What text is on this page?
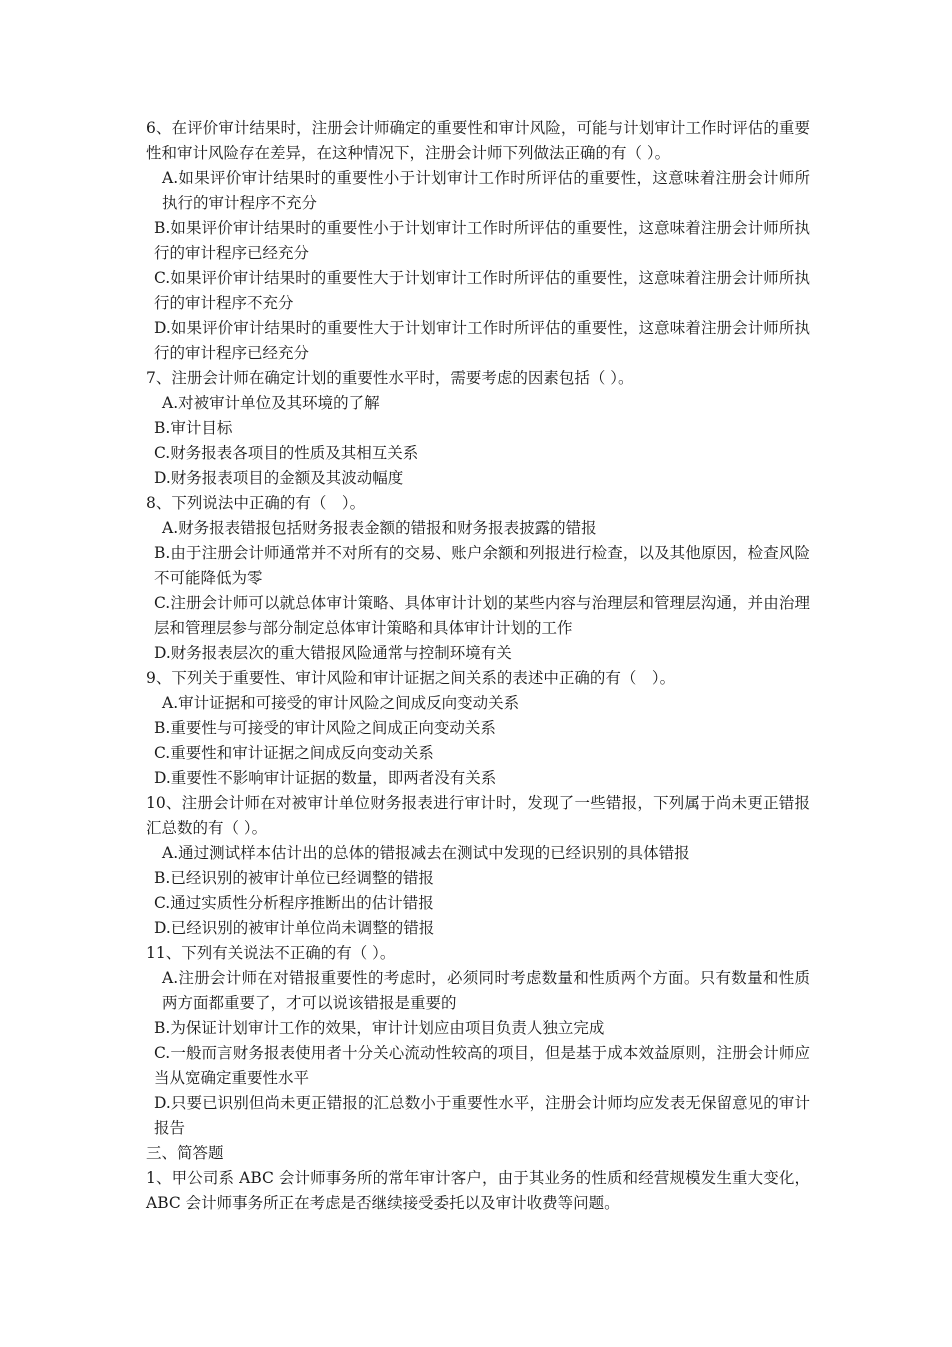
6、在评价审计结果时，注册会计师确定的重要性和审计风险，可能与计划审计工作时评估的重要性和审计风险存在差异，在这种情况下，注册会计师下列做法正确的有（ ）。

A.如果评价审计结果时的重要性小于计划审计工作时所评估的重要性，这意味着注册会计师所执行的审计程序不充分

B.如果评价审计结果时的重要性小于计划审计工作时所评估的重要性，这意味着注册会计师所执行的审计程序已经充分

C.如果评价审计结果时的重要性大于计划审计工作时所评估的重要性，这意味着注册会计师所执行的审计程序不充分

D.如果评价审计结果时的重要性大于计划审计工作时所评估的重要性，这意味着注册会计师所执行的审计程序已经充分

7、注册会计师在确定计划的重要性水平时，需要考虑的因素包括（ ）。

A.对被审计单位及其环境的了解

B.审计目标

C.财务报表各项目的性质及其相互关系

D.财务报表项目的金额及其波动幅度

8、下列说法中正确的有（　）。

A.财务报表错报包括财务报表金额的错报和财务报表披露的错报

B.由于注册会计师通常并不对所有的交易、账户余额和列报进行检查，以及其他原因，检查风险不可能降低为零

C.注册会计师可以就总体审计策略、具体审计计划的某些内容与治理层和管理层沟通，并由治理层和管理层参与部分制定总体审计策略和具体审计计划的工作

D.财务报表层次的重大错报风险通常与控制环境有关

9、下列关于重要性、审计风险和审计证据之间关系的表述中正确的有（　）。

A.审计证据和可接受的审计风险之间成反向变动关系

B.重要性与可接受的审计风险之间成正向变动关系

C.重要性和审计证据之间成反向变动关系

D.重要性不影响审计证据的数量，即两者没有关系

10、注册会计师在对被审计单位财务报表进行审计时，发现了一些错报，下列属于尚未更正错报汇总数的有（ ）。

A.通过测试样本估计出的总体的错报减去在测试中发现的已经识别的具体错报

B.已经识别的被审计单位已经调整的错报

C.通过实质性分析程序推断出的估计错报

D.已经识别的被审计单位尚未调整的错报

11、下列有关说法不正确的有（ ）。

A.注册会计师在对错报重要性的考虑时，必须同时考虑数量和性质两个方面。只有数量和性质两方面都重要了，才可以说该错报是重要的

B.为保证计划审计工作的效果，审计计划应由项目负责人独立完成

C.一般而言财务报表使用者十分关心流动性较高的项目，但是基于成本效益原则，注册会计师应当从宽确定重要性水平

D.只要已识别但尚未更正错报的汇总数小于重要性水平，注册会计师均应发表无保留意见的审计报告

三、简答题

1、甲公司系 ABC 会计师事务所的常年审计客户，由于其业务的性质和经营规模发生重大变化，ABC 会计师事务所正在考虑是否继续接受委托以及审计收费等问题。
